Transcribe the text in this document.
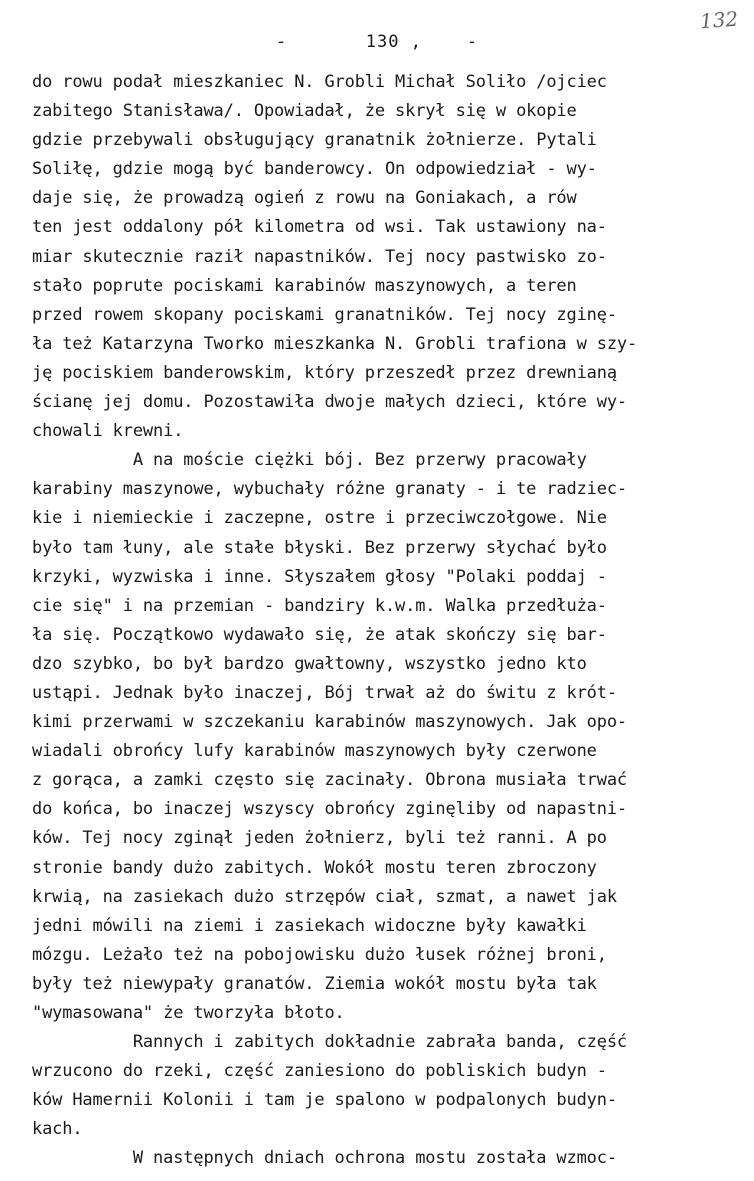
132
-       130 ,    -
do rowu podał mieszkaniec N. Grobli Michał Soliło /ojciec
zabitego Stanisława/. Opowiadał, że skrył się w okopie
gdzie przebywali obsługujący granatnik żołnierze. Pytali
Soliłę, gdzie mogą być banderowcy. On odpowiedział - wy-
daje się, że prowadzą ogień z rowu na Goniakach, a rów
ten jest oddalony pół kilometra od wsi. Tak ustawiony na-
miar skutecznie raził napastników. Tej nocy pastwisko zo-
stało poprute pociskami karabinów maszynowych, a teren
przed rowem skopany pociskami granatników. Tej nocy zginę-
ła też Katarzyna Tworko mieszkanka N. Grobli trafiona w szy-
ję pociskiem banderowskim, który przeszedł przez drewnianą
ścianę jej domu. Pozostawiła dwoje małych dzieci, które wy-
chowali krewni.
A na moście ciężki bój. Bez przerwy pracowały
karabiny maszynowe, wybuchały różne granaty - i te radziec-
kie i niemieckie i zaczepne, ostre i przeciwczołgowe. Nie
było tam łuny, ale stałe błyski. Bez przerwy słychać było
krzyki, wyzwiska i inne. Słyszałem głosy "Polaki poddaj -
cie się" i na przemian - bandziry k.w.m. Walka przedłuża-
ła się. Początkowo wydawało się, że atak skończy się bar-
dzo szybko, bo był bardzo gwałtowny, wszystko jedno kto
ustąpi. Jednak było inaczej, Bój trwał aż do świtu z krót-
kimi przerwami w szczekaniu karabinów maszynowych. Jak opo-
wiadali obrońcy lufy karabinów maszynowych były czerwone
z gorąca, a zamki często się zacinały. Obrona musiała trwać
do końca, bo inaczej wszyscy obrońcy zginęliby od napastni-
ków. Tej nocy zginął jeden żołnierz, byli też ranni. A po
stronie bandy dużo zabitych. Wokół mostu teren zbroczony
krwią, na zasiekach dużo strzępów ciał, szmat, a nawet jak
jedni mówili na ziemi i zasiekach widoczne były kawałki
mózgu. Leżało też na pobojowisku dużo łusek różnej broni,
były też niewypały granatów. Ziemia wokół mostu była tak
"wymasowana" że tworzyła błoto.
Rannych i zabitych dokładnie zabrała banda, część
wrzucono do rzeki, część zaniesiono do pobliskich budyn -
ków Hamernii Kolonii i tam je spalono w podpalonych budyn-
kach.
W następnych dniach ochrona mostu została wzmoc-
